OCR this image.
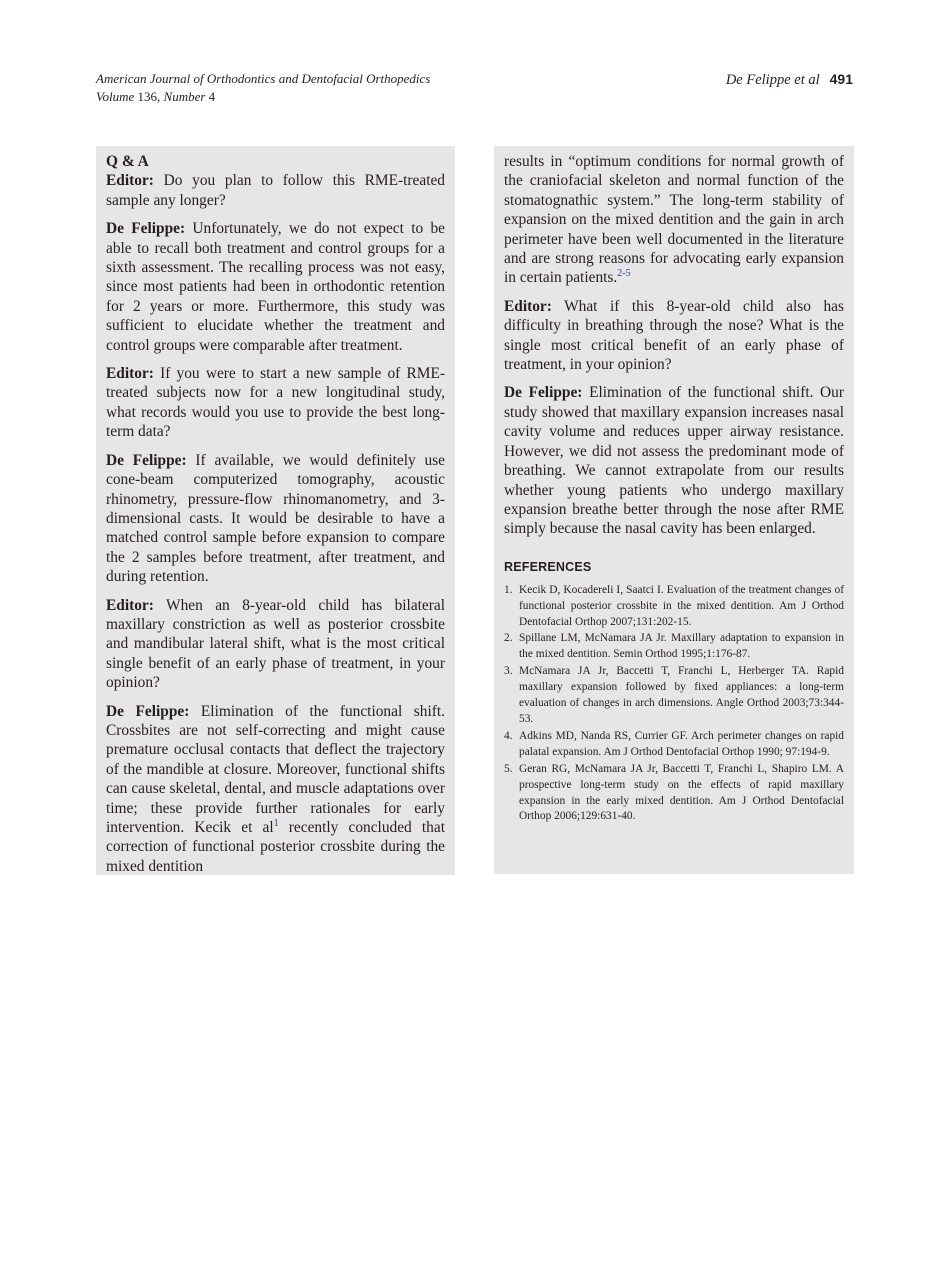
American Journal of Orthodontics and Dentofacial Orthopedics
Volume 136, Number 4
De Felippe et al 491
Q & A

Editor: Do you plan to follow this RME-treated sample any longer?

De Felippe: Unfortunately, we do not expect to be able to recall both treatment and control groups for a sixth assessment. The recalling process was not easy, since most patients had been in orthodontic retention for 2 years or more. Furthermore, this study was sufficient to elucidate whether the treatment and control groups were comparable after treatment.

Editor: If you were to start a new sample of RME-treated subjects now for a new longitudinal study, what records would you use to provide the best long-term data?

De Felippe: If available, we would definitely use cone-beam computerized tomography, acoustic rhinometry, pressure-flow rhinomanometry, and 3-dimensional casts. It would be desirable to have a matched control sample before expansion to compare the 2 samples before treatment, after treatment, and during retention.

Editor: When an 8-year-old child has bilateral maxillary constriction as well as posterior crossbite and mandibular lateral shift, what is the most critical single benefit of an early phase of treatment, in your opinion?

De Felippe: Elimination of the functional shift. Crossbites are not self-correcting and might cause premature occlusal contacts that deflect the trajectory of the mandible at closure. Moreover, functional shifts can cause skeletal, dental, and muscle adaptations over time; these provide further rationales for early intervention. Kecik et $al^1$ recently concluded that correction of functional posterior crossbite during the mixed dentition

results in “optimum conditions for normal growth of the craniofacial skeleton and normal function of the stomatognathic system.” The long-term stability of expansion on the mixed dentition and the gain in arch perimeter have been well documented in the literature and are strong reasons for advocating early expansion in certain patients.$^{2-5}$

Editor: What if this 8-year-old child also has difficulty in breathing through the nose? What is the single most critical benefit of an early phase of treatment, in your opinion?

De Felippe: Elimination of the functional shift. Our study showed that maxillary expansion increases nasal cavity volume and reduces upper airway resistance. However, we did not assess the predominant mode of breathing. We cannot extrapolate from our results whether young patients who undergo maxillary expansion breathe better through the nose after RME simply because the nasal cavity has been enlarged.

REFERENCES
1. Kecik D, Kocadereli I, Saatci I. Evaluation of the treatment changes of functional posterior crossbite in the mixed dentition. Am J Orthod Dentofacial Orthop 2007;131:202-15.
2. Spillane LM, McNamara JA Jr. Maxillary adaptation to expansion in the mixed dentition. Semin Orthod 1995;1:176-87.
3. McNamara JA Jr, Baccetti T, Franchi L, Herberger TA. Rapid maxillary expansion followed by fixed appliances: a long-term evaluation of changes in arch dimensions. Angle Orthod 2003;73:344-53.
4. Adkins MD, Nanda RS, Currier GF. Arch perimeter changes on rapid palatal expansion. Am J Orthod Dentofacial Orthop 1990; 97:194-9.
5. Geran RG, McNamara JA Jr, Baccetti T, Franchi L, Shapiro LM. A prospective long-term study on the effects of rapid maxillary expansion in the early mixed dentition. Am J Orthod Dentofacial Orthop 2006;129:631-40.
